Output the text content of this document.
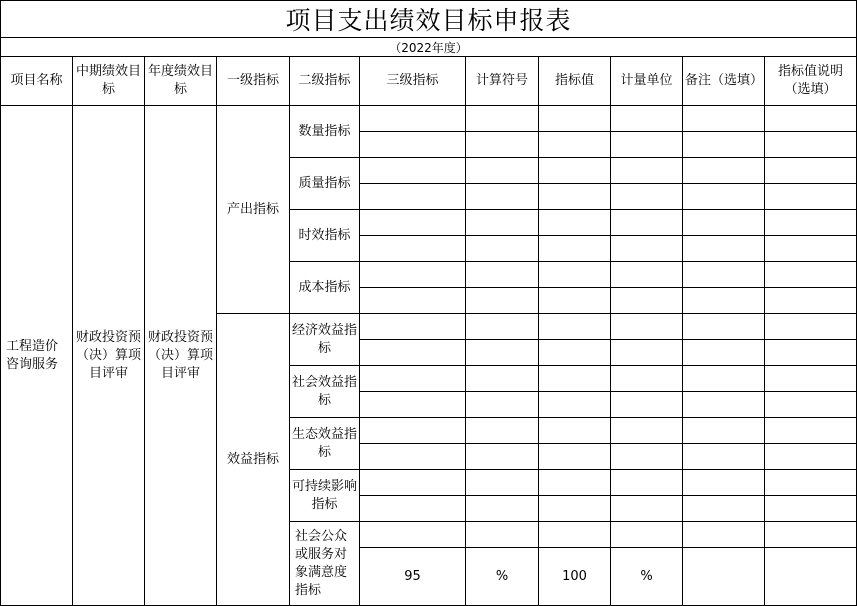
项目支出绩效目标申报表
（2022年度）
项目名称	中期绩效目标	年度绩效目标	一级指标	二级指标	三级指标	计算符号	指标值	计量单位	备注（选填）	指标值说明（选填）
工程造价咨询服务	财政投资预（决）算项目评审	财政投资预（决）算项目评审	产出指标	数量指标						

				质量指标						

				时效指标						

				成本指标						

			效益指标	经济效益指标						

				社会效益指标						

				生态效益指标						

				可持续影响指标						

				社会公众或服务对象满意度指标						
					95	%	100	%		
